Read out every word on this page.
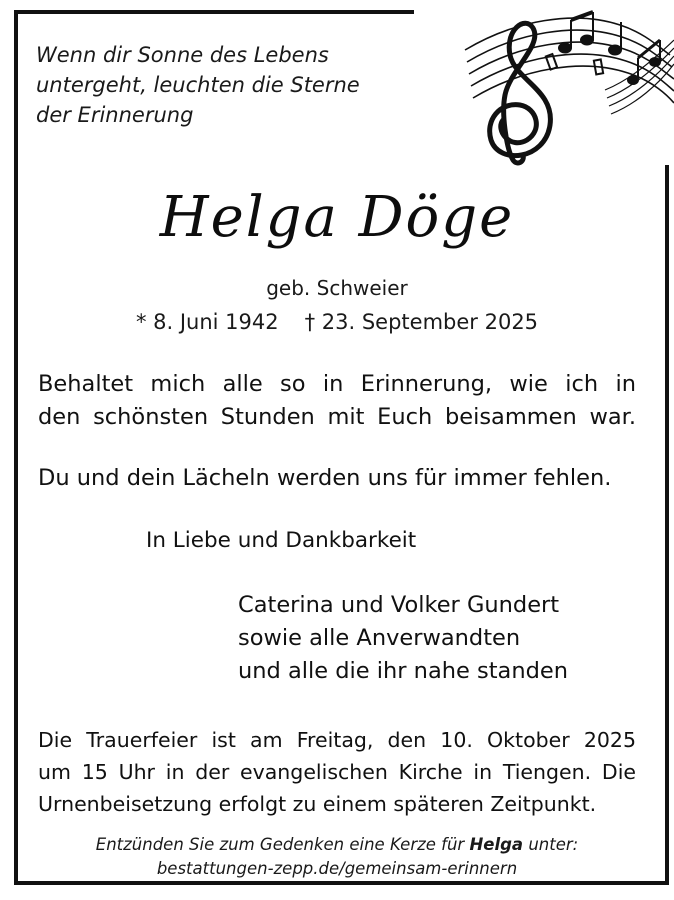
Wenn dir Sonne des Lebens
untergeht, leuchten die Sterne
der Erinnerung
Helga Döge
geb. Schweier
* 8. Juni 1942 † 23. September 2025
Behaltet mich alle so in Erinnerung, wie ich in
den schönsten Stunden mit Euch beisammen war.
Du und dein Lächeln werden uns für immer fehlen.
In Liebe und Dankbarkeit
Caterina und Volker Gundert
sowie alle Anverwandten
und alle die ihr nahe standen
Die Trauerfeier ist am Freitag, den 10. Oktober 2025
um 15 Uhr in der evangelischen Kirche in Tiengen. Die
Urnenbeisetzung erfolgt zu einem späteren Zeitpunkt.
Entzünden Sie zum Gedenken eine Kerze für Helga unter:
bestattungen-zepp.de/gemeinsam-erinnern
